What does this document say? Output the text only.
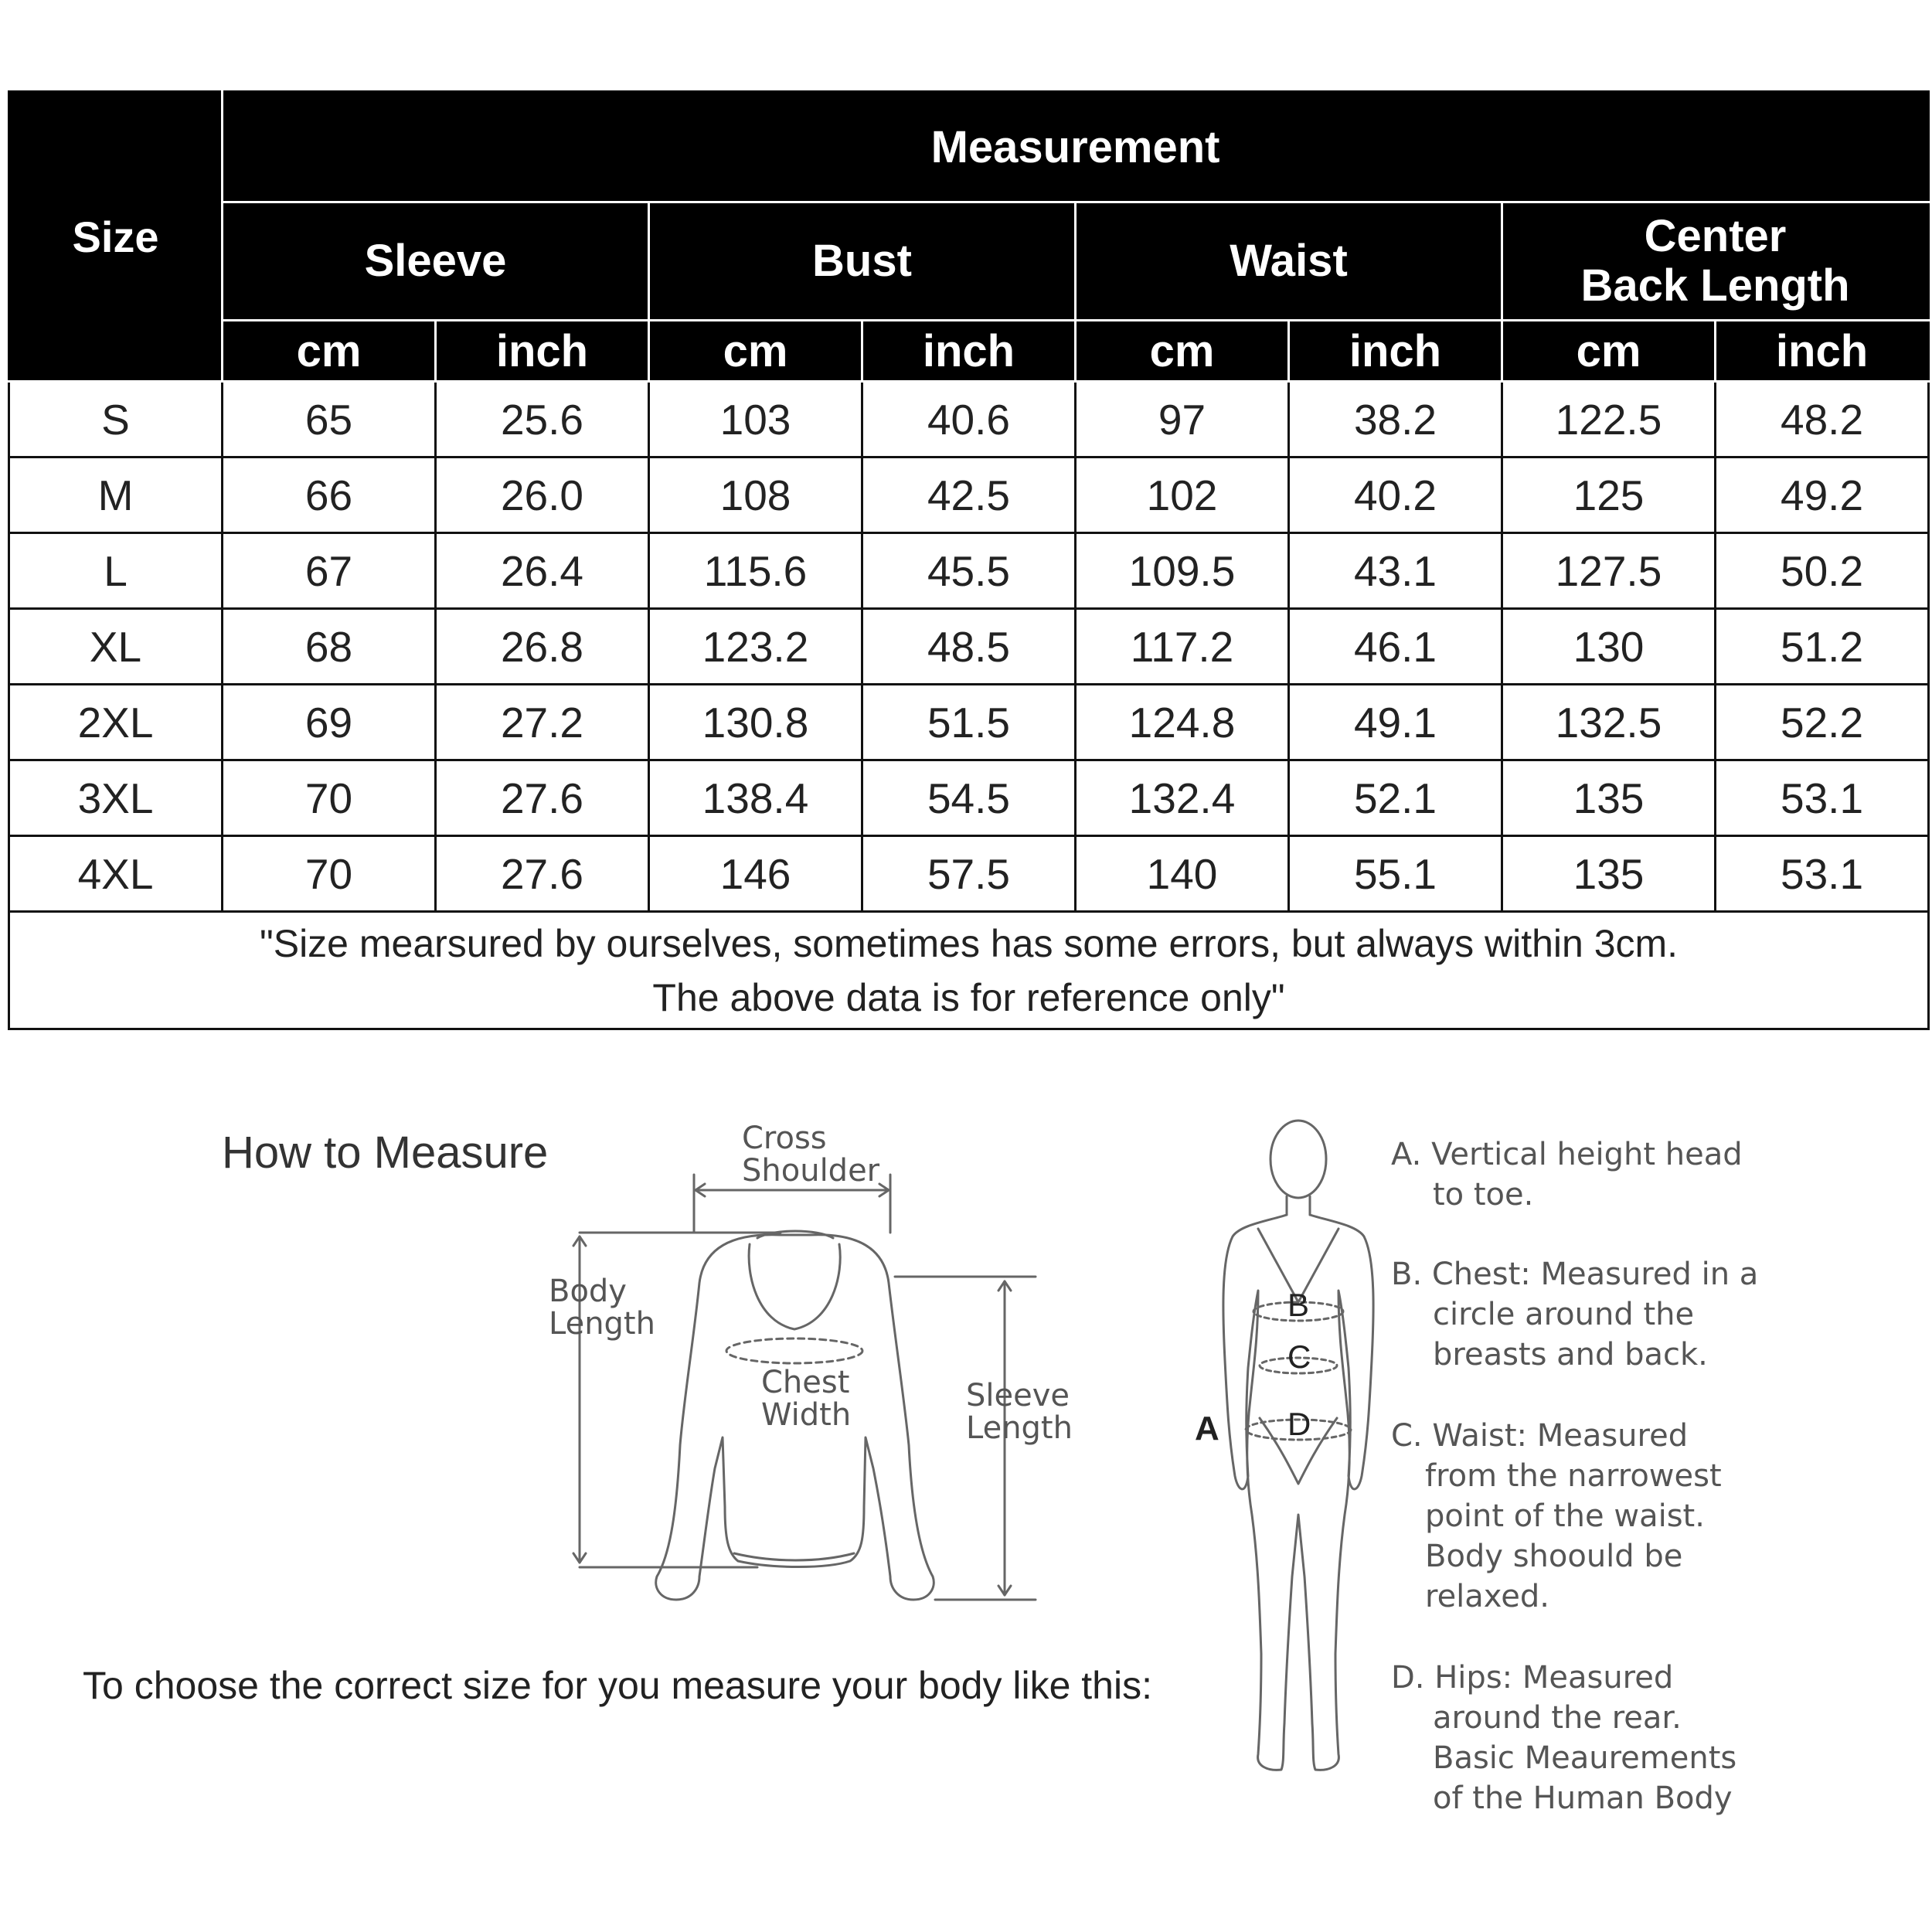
Size	Measurement							
	Sleeve		Bust		Waist		Center
Back Length	
	cm	inch	cm	inch	cm	inch	cm	inch
S	65	25.6	103	40.6	97	38.2	122.5	48.2
M	66	26.0	108	42.5	102	40.2	125	49.2
L	67	26.4	115.6	45.5	109.5	43.1	127.5	50.2
XL	68	26.8	123.2	48.5	117.2	46.1	130	51.2
2XL	69	27.2	130.8	51.5	124.8	49.1	132.5	52.2
3XL	70	27.6	138.4	54.5	132.4	52.1	135	53.1
4XL	70	27.6	146	57.5	140	55.1	135	53.1

"Size mearsured by ourselves, sometimes has some errors, but always within 3cm.
The above data is for reference only"								
How to Measure
To choose the correct size for you measure your body like this:
Cross
Shoulder
Body
Length
Chest
Width
Sleeve
Length	A
B
C
D
A. Vertical height head
to toe.
B. Chest: Measured in a
circle around the
breasts and back.
C. Waist: Measured
from the narrowest
point of the waist.
Body shoould be
relaxed.
D. Hips: Measured
around the rear.
Basic Meaurements
of the Human Body
